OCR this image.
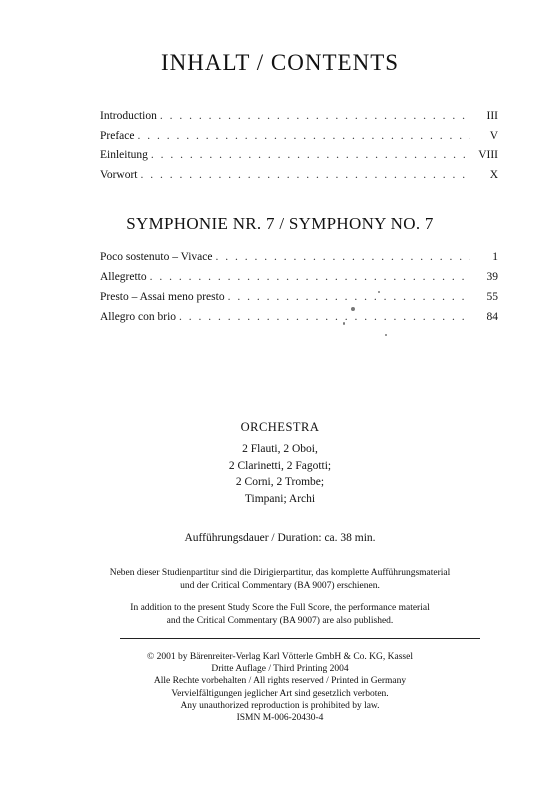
INHALT / CONTENTS
Introduction . . .	III
Preface . . .	V
Einleitung . . .	VIII
Vorwort . . .	X
SYMPHONIE NR. 7 / SYMPHONY NO. 7
Poco sostenuto – Vivace . . .	1
Allegretto . . .	39
Presto – Assai meno presto . . .	55
Allegro con brio . . .	84
ORCHESTRA
2 Flauti, 2 Oboi,
2 Clarinetti, 2 Fagotti;
2 Corni, 2 Trombe;
Timpani; Archi
Aufführungsdauer / Duration: ca. 38 min.
Neben dieser Studienpartitur sind die Dirigierpartitur, das komplette Aufführungsmaterial
und der Critical Commentary (BA 9007) erschienen.
In addition to the present Study Score the Full Score, the performance material
and the Critical Commentary (BA 9007) are also published.
© 2001 by Bärenreiter-Verlag Karl Vötterle GmbH & Co. KG, Kassel
Dritte Auflage / Third Printing 2004
Alle Rechte vorbehalten / All rights reserved / Printed in Germany
Vervielfältigungen jeglicher Art sind gesetzlich verboten.
Any unauthorized reproduction is prohibited by law.
ISMN M-006-20430-4
